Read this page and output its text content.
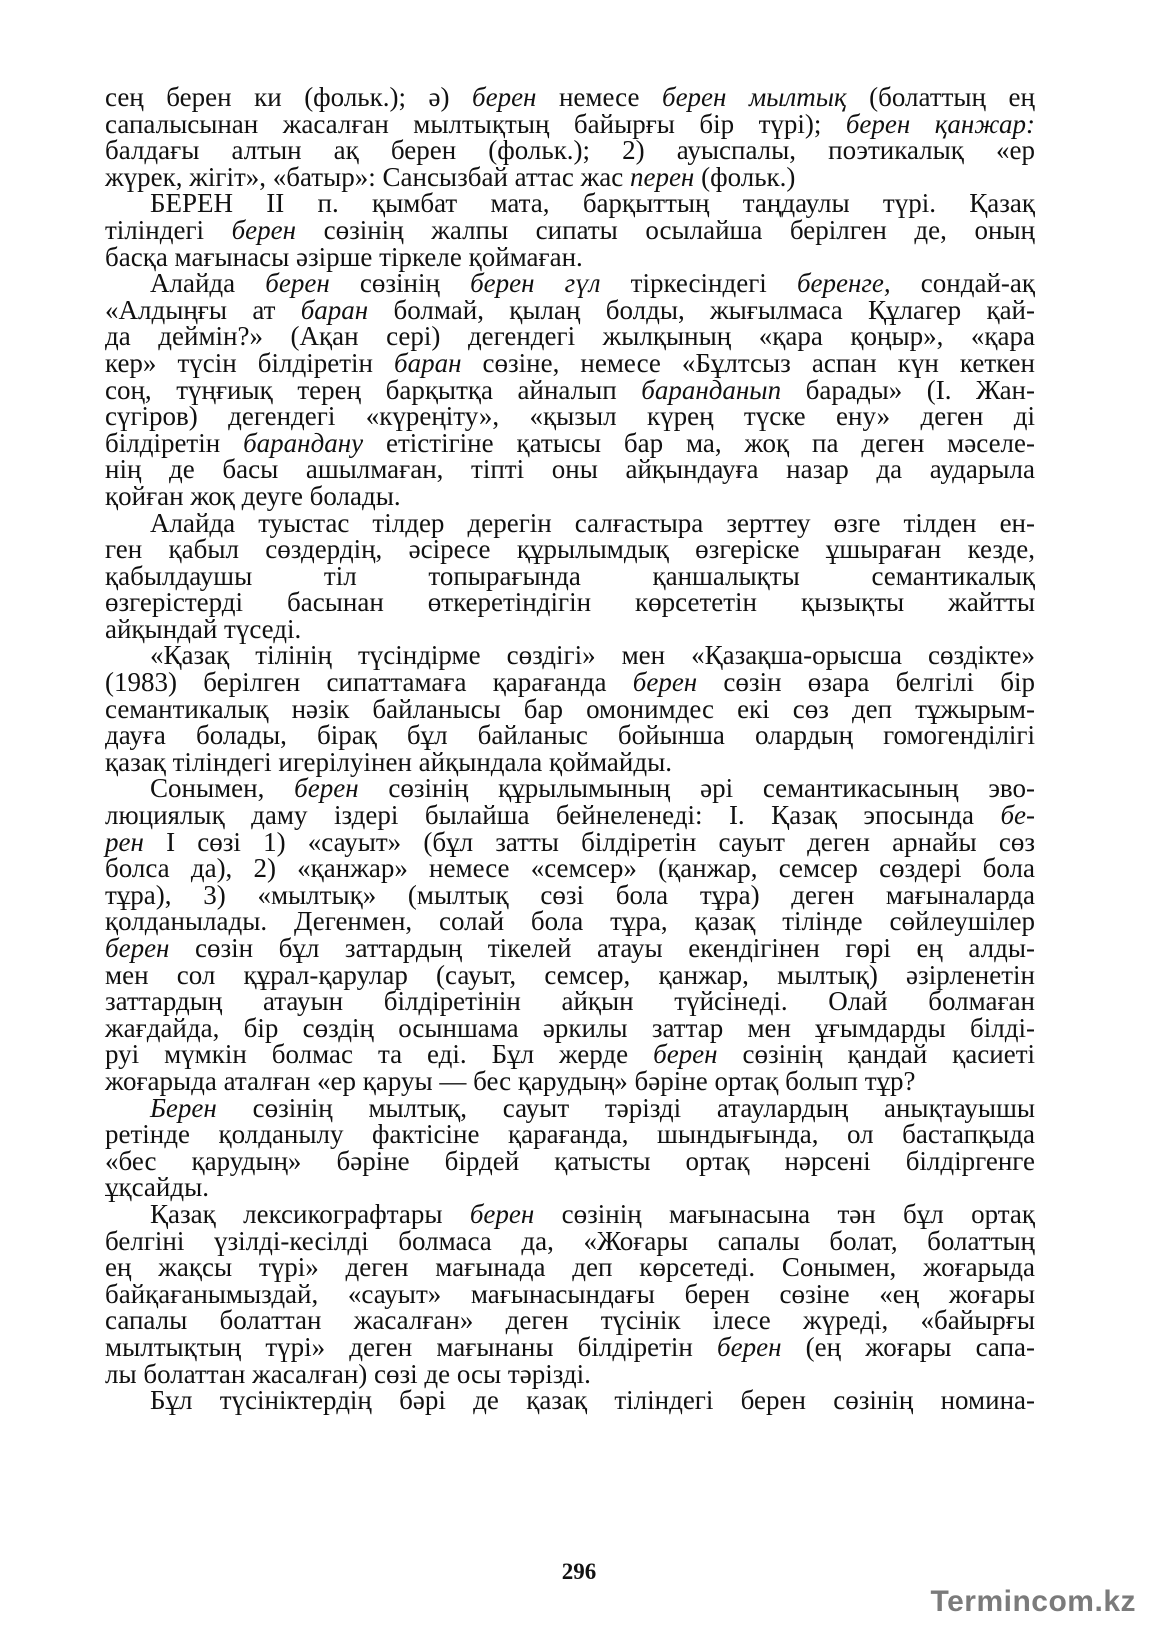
сең берен ки (фольк.); ә) берен немесе берен мылтық (болаттың ең
сапалысынан жасалған мылтықтың байырғы бір түрі); берен қанжар:
балдағы алтын ақ берен (фольк.); 2) ауыспалы, поэтикалық «ер
жүрек, жігіт», «батыр»: Сансызбай аттас жас перен (фольк.)
БЕРЕН II п. қымбат мата, барқыттың таңдаулы түрі. Қазақ
тіліндегі берен сөзінің жалпы сипаты осылайша берілген де, оның
басқа мағынасы әзірше тіркеле қоймаған.
Алайда берен сөзінің берен гүл тіркесіндегі беренге, сондай-ақ
«Алдыңғы ат баран болмай, қылаң болды, жығылмаса Құлагер қай-
да деймін?» (Ақан сері) дегендегі жылқының «қара қоңыр», «қара
кер» түсін білдіретін баран сөзіне, немесе «Бұлтсыз аспан күн кеткен
соң, түңғиық терең барқытқа айналып баранданып барады» (І. Жан-
сүгіров) дегендегі «күреңіту», «қызыл күрең түске ену» деген ді
білдіретін барандану етістігіне қатысы бар ма, жоқ па деген мәселе-
нің де басы ашылмаған, тіпті оны айқындауға назар да аударыла
қойған жоқ деуге болады.
Алайда туыстас тілдер дерегін салғастыра зерттеу өзге тілден ен-
ген қабыл сөздердің, әсіресе құрылымдық өзгеріске ұшыраған кезде,
қабылдаушы тіл топырағында қаншалықты семантикалық
өзгерістерді басынан өткеретіндігін көрсететін қызықты жайтты
айқындай түседі.
«Қазақ тілінің түсіндірме сөздігі» мен «Қазақша-орысша сөздікте»
(1983) берілген сипаттамаға қарағанда берен сөзін өзара белгілі бір
семантикалық нәзік байланысы бар омонимдес екі сөз деп тұжырым-
дауға болады, бірақ бұл байланыс бойынша олардың гомогенділігі
қазақ тіліндегі игерілуінен айқындала қоймайды.
Сонымен, берен сөзінің құрылымының әрі семантикасының эво-
люциялық даму іздері былайша бейнеленеді: І. Қазақ эпосында бе-
рен І сөзі 1) «сауыт» (бұл затты білдіретін сауыт деген арнайы сөз
болса да), 2) «қанжар» немесе «семсер» (қанжар, семсер сөздері бола
тұра), 3) «мылтық» (мылтық сөзі бола тұра) деген мағыналарда
қолданылады. Дегенмен, солай бола тұра, қазақ тілінде сөйлеушілер
берен сөзін бұл заттардың тікелей атауы екендігінен гөрі ең алды-
мен сол құрал-қарулар (сауыт, семсер, қанжар, мылтық) әзірленетін
заттардың атауын білдіретінін айқын түйсінеді. Олай болмаған
жағдайда, бір сөздің осыншама әркилы заттар мен ұғымдарды білді-
руі мүмкін болмас та еді. Бұл жерде берен сөзінің қандай қасиеті
жоғарыда аталған «ер қаруы — бес қарудың» бәріне ортақ болып тұр?
Берен сөзінің мылтық, сауыт тәрізді атаулардың анықтауышы
ретінде қолданылу фактісіне қарағанда, шындығында, ол бастапқыда
«бес қарудың» бәріне бірдей қатысты ортақ нәрсені білдіргенге
ұқсайды.
Қазақ лексикографтары берен сөзінің мағынасына тән бұл ортақ
белгіні үзілді-кесілді болмаса да, «Жоғары сапалы болат, болаттың
ең жақсы түрі» деген мағынада деп көрсетеді. Сонымен, жоғарыда
байқағанымыздай, «сауыт» мағынасындағы берен сөзіне «ең жоғары
сапалы болаттан жасалған» деген түсінік ілесе жүреді, «байырғы
мылтықтың түрі» деген мағынаны білдіретін берен (ең жоғары сапа-
лы болаттан жасалған) сөзі де осы тәрізді.
Бұл түсініктердің бәрі де қазақ тіліндегі берен сөзінің номина-
296
Termincom.kz
